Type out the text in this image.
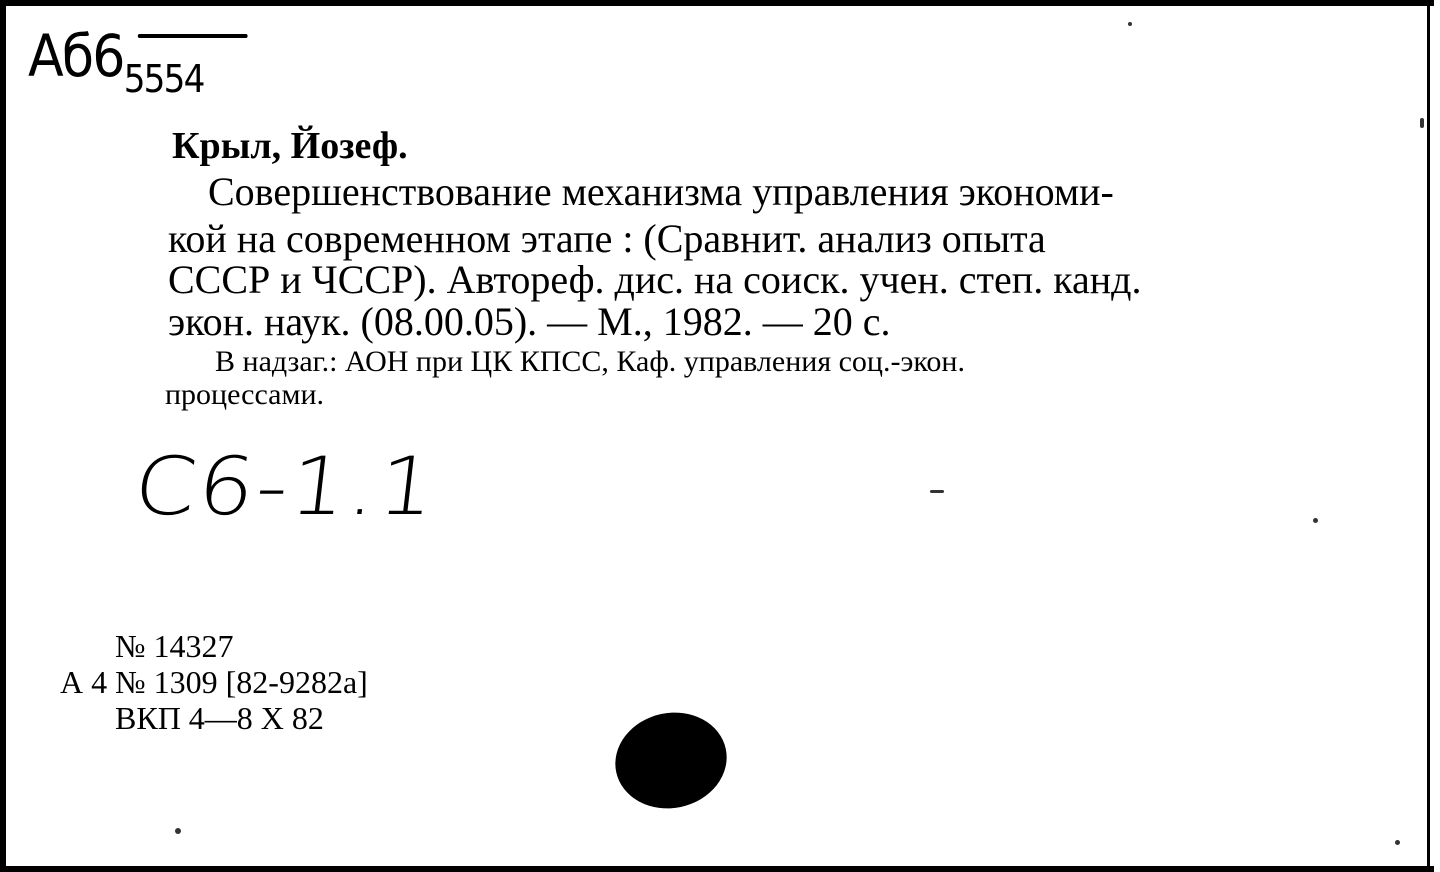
$Аб6_{5554}$
Крыл, Йозеф.
Совершенствование механизма управления экономи-
кой на современном этапе : (Сравнит. анализ опыта
СССР и ЧССР). Автореф. дис. на соиск. учен. степ. канд.
экон. наук. (08.00.05). — М., 1982. — 20 с.
В надзаг.: АОН при ЦК КПСС, Каф. управления соц.-экон.
процессами.
С6-1.1
№ 14327
А 4 № 1309 [82-9282а]
ВКП 4—8 Х 82
